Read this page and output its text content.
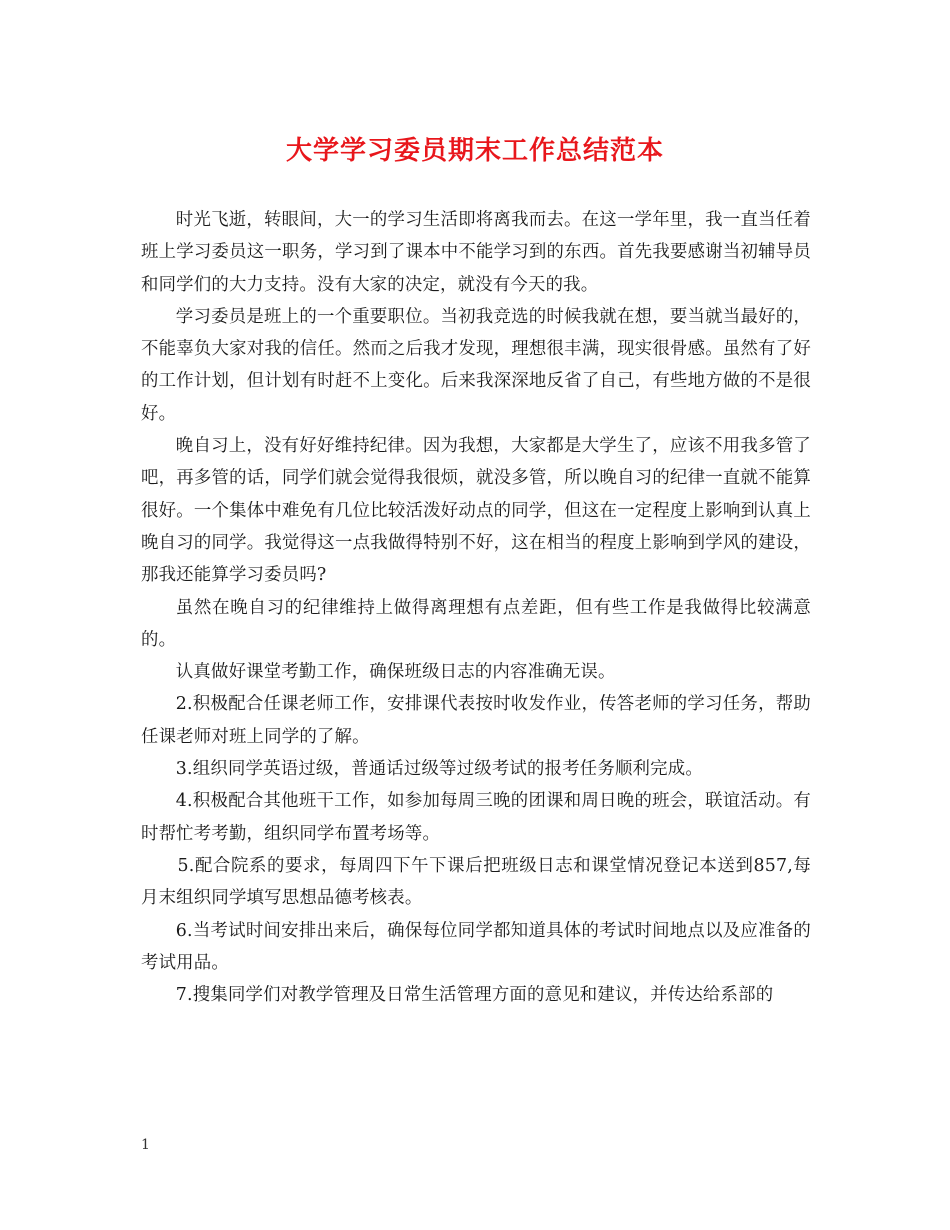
大学学习委员期末工作总结范本

时光飞逝，转眼间，大一的学习生活即将离我而去。在这一学年里，我一直当任着班上学习委员这一职务，学习到了课本中不能学习到的东西。首先我要感谢当初辅导员和同学们的大力支持。没有大家的决定，就没有今天的我。

学习委员是班上的一个重要职位。当初我竞选的时候我就在想，要当就当最好的，不能辜负大家对我的信任。然而之后我才发现，理想很丰满，现实很骨感。虽然有了好的工作计划，但计划有时赶不上变化。后来我深深地反省了自己，有些地方做的不是很好。

晚自习上，没有好好维持纪律。因为我想，大家都是大学生了，应该不用我多管了吧，再多管的话，同学们就会觉得我很烦，就没多管，所以晚自习的纪律一直就不能算很好。一个集体中难免有几位比较活泼好动点的同学，但这在一定程度上影响到认真上晚自习的同学。我觉得这一点我做得特别不好，这在相当的程度上影响到学风的建设，那我还能算学习委员吗?

虽然在晚自习的纪律维持上做得离理想有点差距，但有些工作是我做得比较满意的。

认真做好课堂考勤工作，确保班级日志的内容准确无误。

2.积极配合任课老师工作，安排课代表按时收发作业，传答老师的学习任务，帮助任课老师对班上同学的了解。

3.组织同学英语过级，普通话过级等过级考试的报考任务顺利完成。

4.积极配合其他班干工作，如参加每周三晚的团课和周日晚的班会，联谊活动。有时帮忙考考勤，组织同学布置考场等。

5.配合院系的要求，每周四下午下课后把班级日志和课堂情况登记本送到857,每月末组织同学填写思想品德考核表。

6.当考试时间安排出来后，确保每位同学都知道具体的考试时间地点以及应准备的考试用品。

7.搜集同学们对教学管理及日常生活管理方面的意见和建议，并传达给系部的

1
